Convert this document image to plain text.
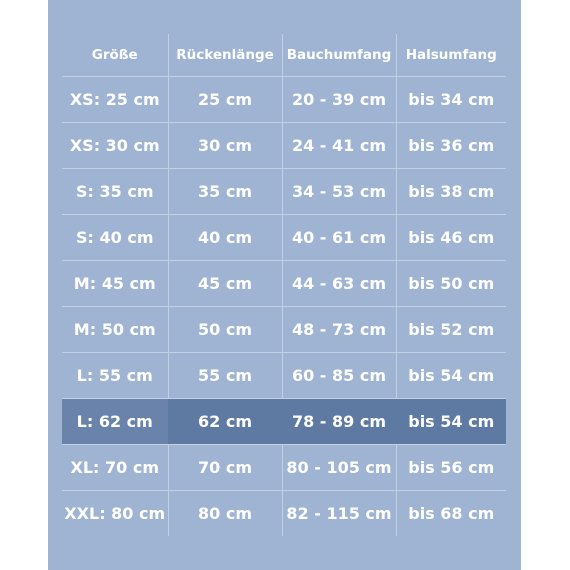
Größe	Rückenlänge	Bauchumfang	Halsumfang
XS: 25 cm	25 cm	20 - 39 cm	bis 34 cm
XS: 30 cm	30 cm	24 - 41 cm	bis 36 cm
S: 35 cm	35 cm	34 - 53 cm	bis 38 cm
S: 40 cm	40 cm	40 - 61 cm	bis 46 cm
M: 45 cm	45 cm	44 - 63 cm	bis 50 cm
M: 50 cm	50 cm	48 - 73 cm	bis 52 cm
L: 55 cm	55 cm	60 - 85 cm	bis 54 cm
L: 62 cm	62 cm	78 - 89 cm	bis 54 cm
XL: 70 cm	70 cm	80 - 105 cm	bis 56 cm
XXL: 80 cm	80 cm	82 - 115 cm	bis 68 cm
